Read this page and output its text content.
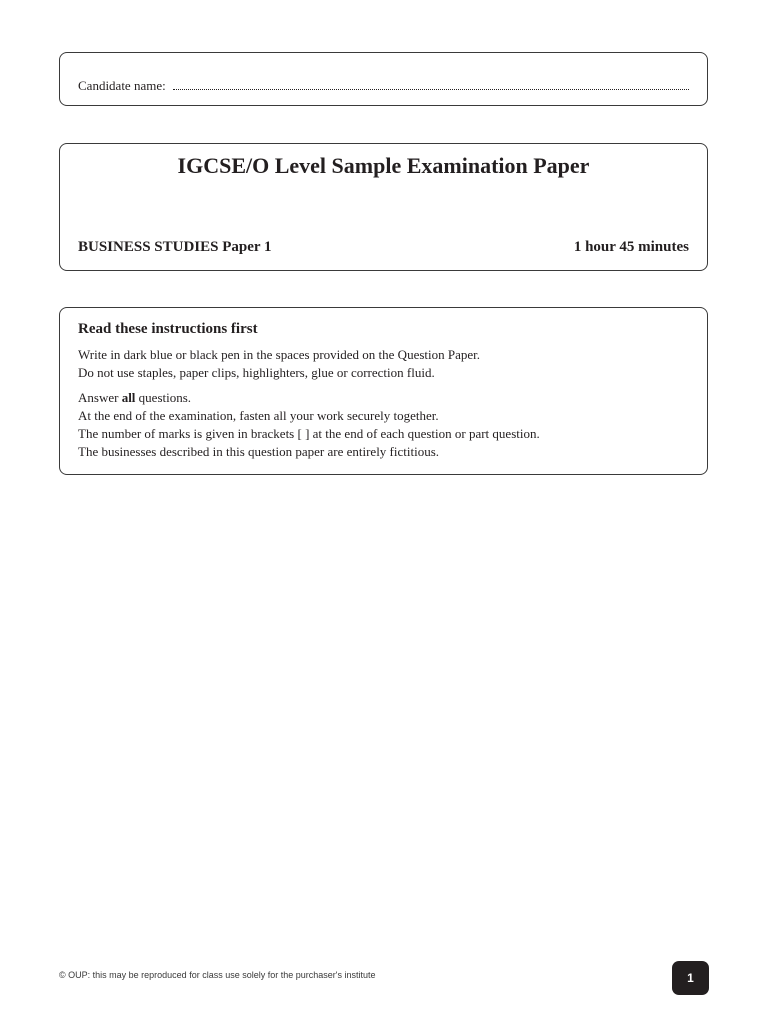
Candidate name:
IGCSE/O Level Sample Examination Paper
BUSINESS STUDIES Paper 1	1 hour 45 minutes
Read these instructions first
Write in dark blue or black pen in the spaces provided on the Question Paper.
Do not use staples, paper clips, highlighters, glue or correction fluid.
Answer all questions.
At the end of the examination, fasten all your work securely together.
The number of marks is given in brackets [ ] at the end of each question or part question.
The businesses described in this question paper are entirely fictitious.
© OUP: this may be reproduced for class use solely for the purchaser's institute	1
